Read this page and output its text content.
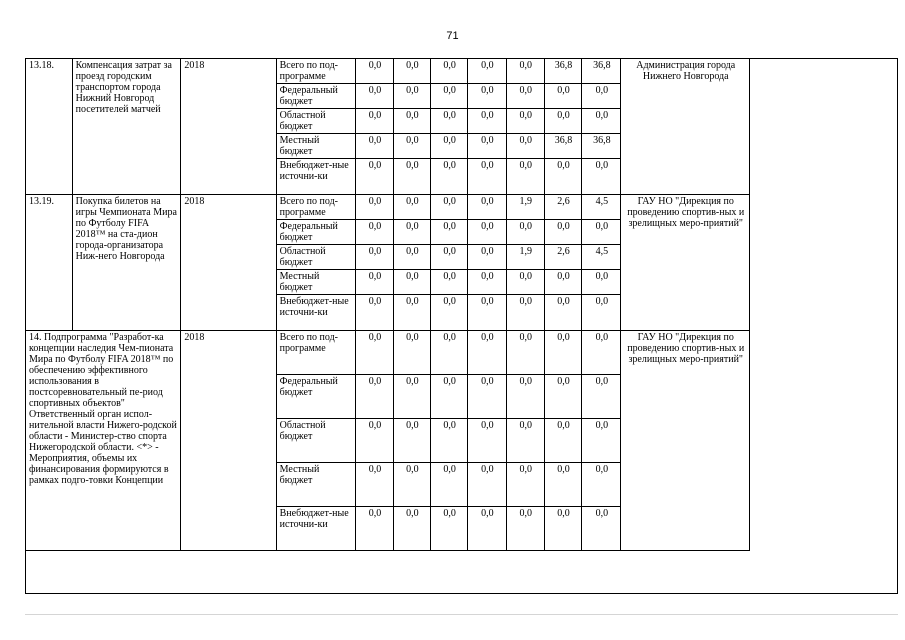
71
13.18.	Компенсация затрат за проезд городским транспортом города Нижний Новгород посетителей матчей	2018	Всего по под-программе	0,0	0,0	0,0	0,0	0,0	36,8	36,8	Администрация города Нижнего Новгорода
			Федеральный бюджет	0,0	0,0	0,0	0,0	0,0	0,0	0,0	
			Областной бюджет	0,0	0,0	0,0	0,0	0,0	0,0	0,0	
			Местный бюджет	0,0	0,0	0,0	0,0	0,0	36,8	36,8	
			Внебюджет-ные источни-ки	0,0	0,0	0,0	0,0	0,0	0,0	0,0	
13.19.	Покупка билетов на игры Чемпионата Мира по Футболу FIFA 2018™ на ста-дион города-организатора Ниж-него Новгорода	2018	Всего по под-программе	0,0	0,0	0,0	0,0	1,9	2,6	4,5	ГАУ НО "Дирекция по проведению спортив-ных и зрелищных меро-приятий"
			Федеральный бюджет	0,0	0,0	0,0	0,0	0,0	0,0	0,0	
			Областной бюджет	0,0	0,0	0,0	0,0	1,9	2,6	4,5	
			Местный бюджет	0,0	0,0	0,0	0,0	0,0	0,0	0,0	
			Внебюджет-ные источни-ки	0,0	0,0	0,0	0,0	0,0	0,0	0,0	
14. Подпрограмма "Разработ-ка концепции наследия Чем-пионата Мира по Футболу FIFA 2018™ по обеспечению эффективного использования в постсоревновательный пе-риод спортивных объектов" Ответственный орган испол-нительной власти Нижего-родской области - Министер-ство спорта Нижегородской области. <*> - Мероприятия, объемы их финансирования формируются в рамках подго-товки Концепции		2018	Всего по под-программе	0,0	0,0	0,0	0,0	0,0	0,0	0,0	ГАУ НО "Дирекция по проведению спортив-ных и зрелищных меро-приятий"
			Федеральный бюджет	0,0	0,0	0,0	0,0	0,0	0,0	0,0	
			Областной бюджет	0,0	0,0	0,0	0,0	0,0	0,0	0,0	
			Местный бюджет	0,0	0,0	0,0	0,0	0,0	0,0	0,0	
			Внебюджет-ные источни-ки	0,0	0,0	0,0	0,0	0,0	0,0	0,0	
